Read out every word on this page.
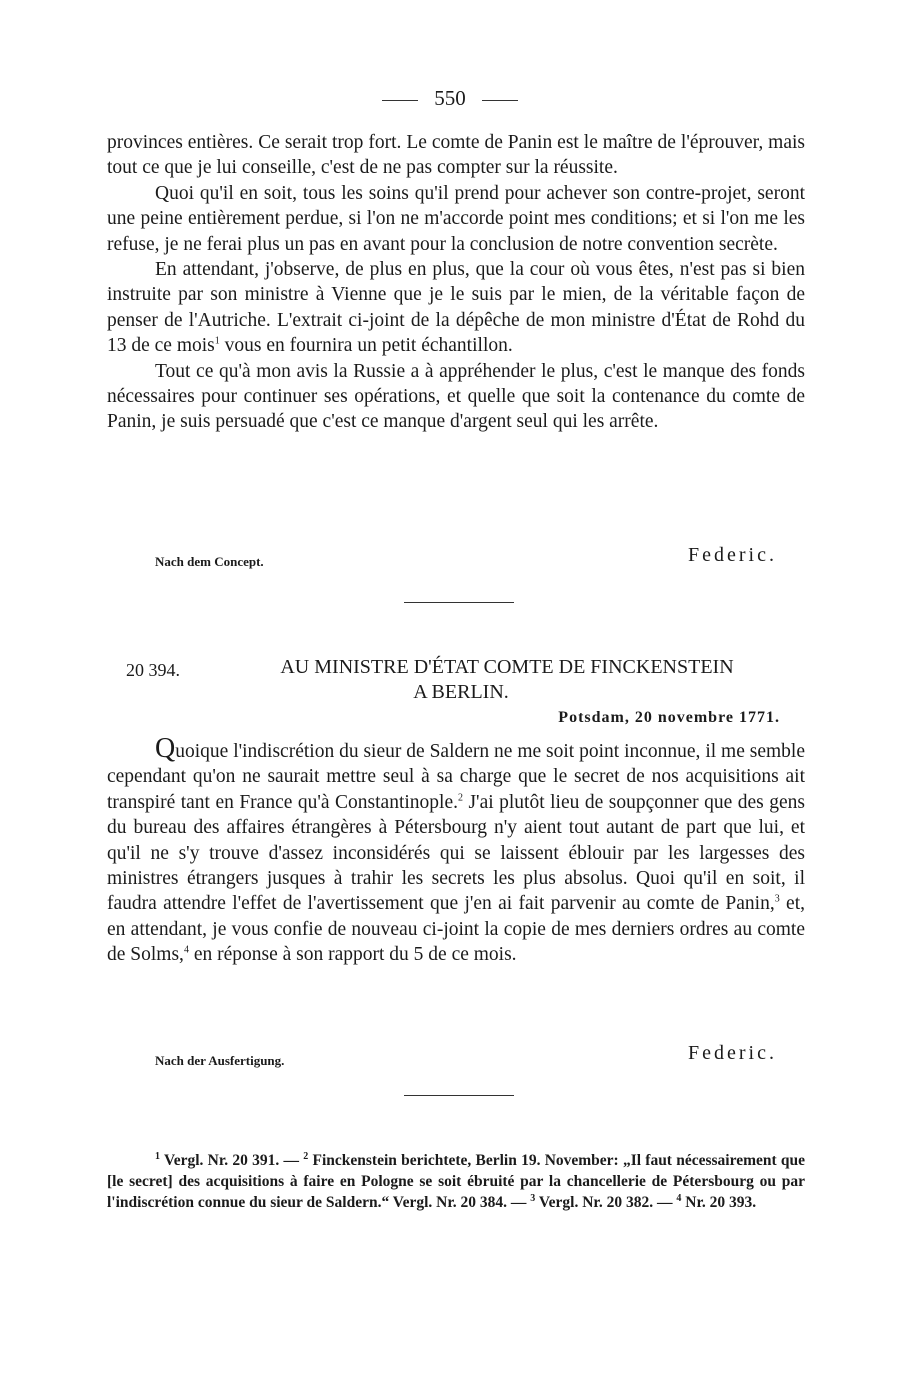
550

provinces entières. Ce serait trop fort. Le comte de Panin est le maître de l'éprouver, mais tout ce que je lui conseille, c'est de ne pas compter sur la réussite.

Quoi qu'il en soit, tous les soins qu'il prend pour achever son contre-projet, seront une peine entièrement perdue, si l'on ne m'accorde point mes conditions; et si l'on me les refuse, je ne ferai plus un pas en avant pour la conclusion de notre convention secrète.

En attendant, j'observe, de plus en plus, que la cour où vous êtes, n'est pas si bien instruite par son ministre à Vienne que je le suis par le mien, de la véritable façon de penser de l'Autriche. L'extrait ci-joint de la dépêche de mon ministre d'État de Rohd du 13 de ce mois$^1$ vous en fournira un petit échantillon.

Tout ce qu'à mon avis la Russie a à appréhender le plus, c'est le manque des fonds nécessaires pour continuer ses opérations, et quelle que soit la contenance du comte de Panin, je suis persuadé que c'est ce manque d'argent seul qui les arrête.

Nach dem Concept.	Federic.
20 394.	AU MINISTRE D'ÉTAT COMTE DE FINCKENSTEIN
A BERLIN.
Potsdam, 20 novembre 1771.

Quoique l'indiscrétion du sieur de Saldern ne me soit point inconnue, il me semble cependant qu'on ne saurait mettre seul à sa charge que le secret de nos acquisitions ait transpiré tant en France qu'à Constantinople.$^2$ J'ai plutôt lieu de soupçonner que des gens du bureau des affaires étrangères à Pétersbourg n'y aient tout autant de part que lui, et qu'il ne s'y trouve d'assez inconsidérés qui se laissent éblouir par les largesses des ministres étrangers jusques à trahir les secrets les plus absolus. Quoi qu'il en soit, il faudra attendre l'effet de l'avertissement que j'en ai fait parvenir au comte de Panin,$^3$ et, en attendant, je vous confie de nouveau ci-joint la copie de mes derniers ordres au comte de Solms,$^4$ en réponse à son rapport du 5 de ce mois.

Nach der Ausfertigung.	Federic.

$^1$ Vergl. Nr. 20 391. — $^2$ Finckenstein berichtete, Berlin 19. November: „Il faut nécessairement que [le secret] des acquisitions à faire en Pologne se soit ébruité par la chancellerie de Pétersbourg ou par l'indiscrétion connue du sieur de Saldern.“ Vergl. Nr. 20 384. — $^3$ Vergl. Nr. 20 382. — $^4$ Nr. 20 393.
